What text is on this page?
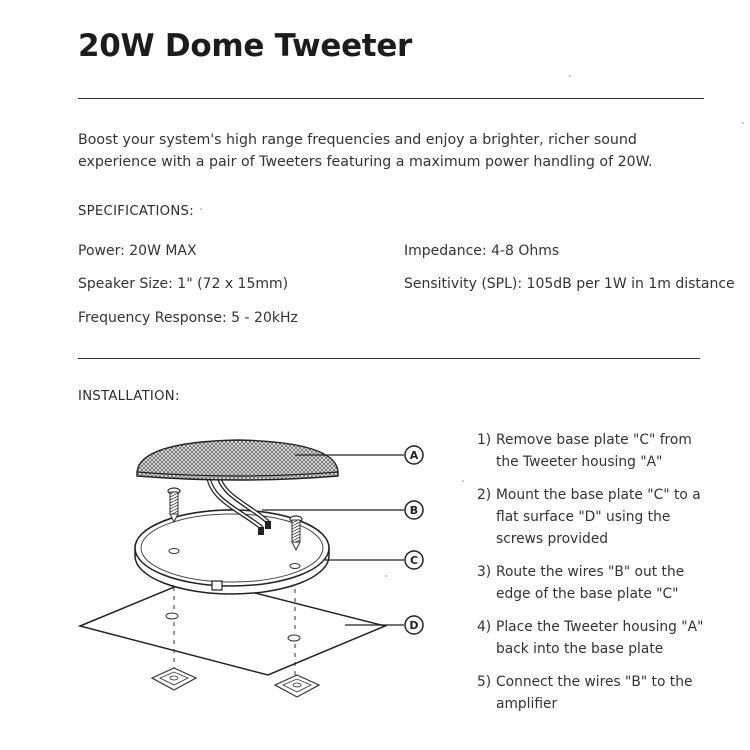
20W Dome Tweeter
Boost your system's high range frequencies and enjoy a brighter, richer sound experience with a pair of Tweeters featuring a maximum power handling of 20W.
SPECIFICATIONS:
Power: 20W MAX
Speaker Size: 1" (72 x 15mm)
Frequency Response: 5 - 20kHz
Impedance: 4-8 Ohms
Sensitivity (SPL): 105dB per 1W in 1m distance
INSTALLATION:
A
B
C
D
1) Remove base plate "C" from the Tweeter housing "A"
2) Mount the base plate "C" to a flat surface "D" using the screws provided
3) Route the wires "B" out the edge of the base plate "C"
4) Place the Tweeter housing "A" back into the base plate
5) Connect the wires "B" to the amplifier
